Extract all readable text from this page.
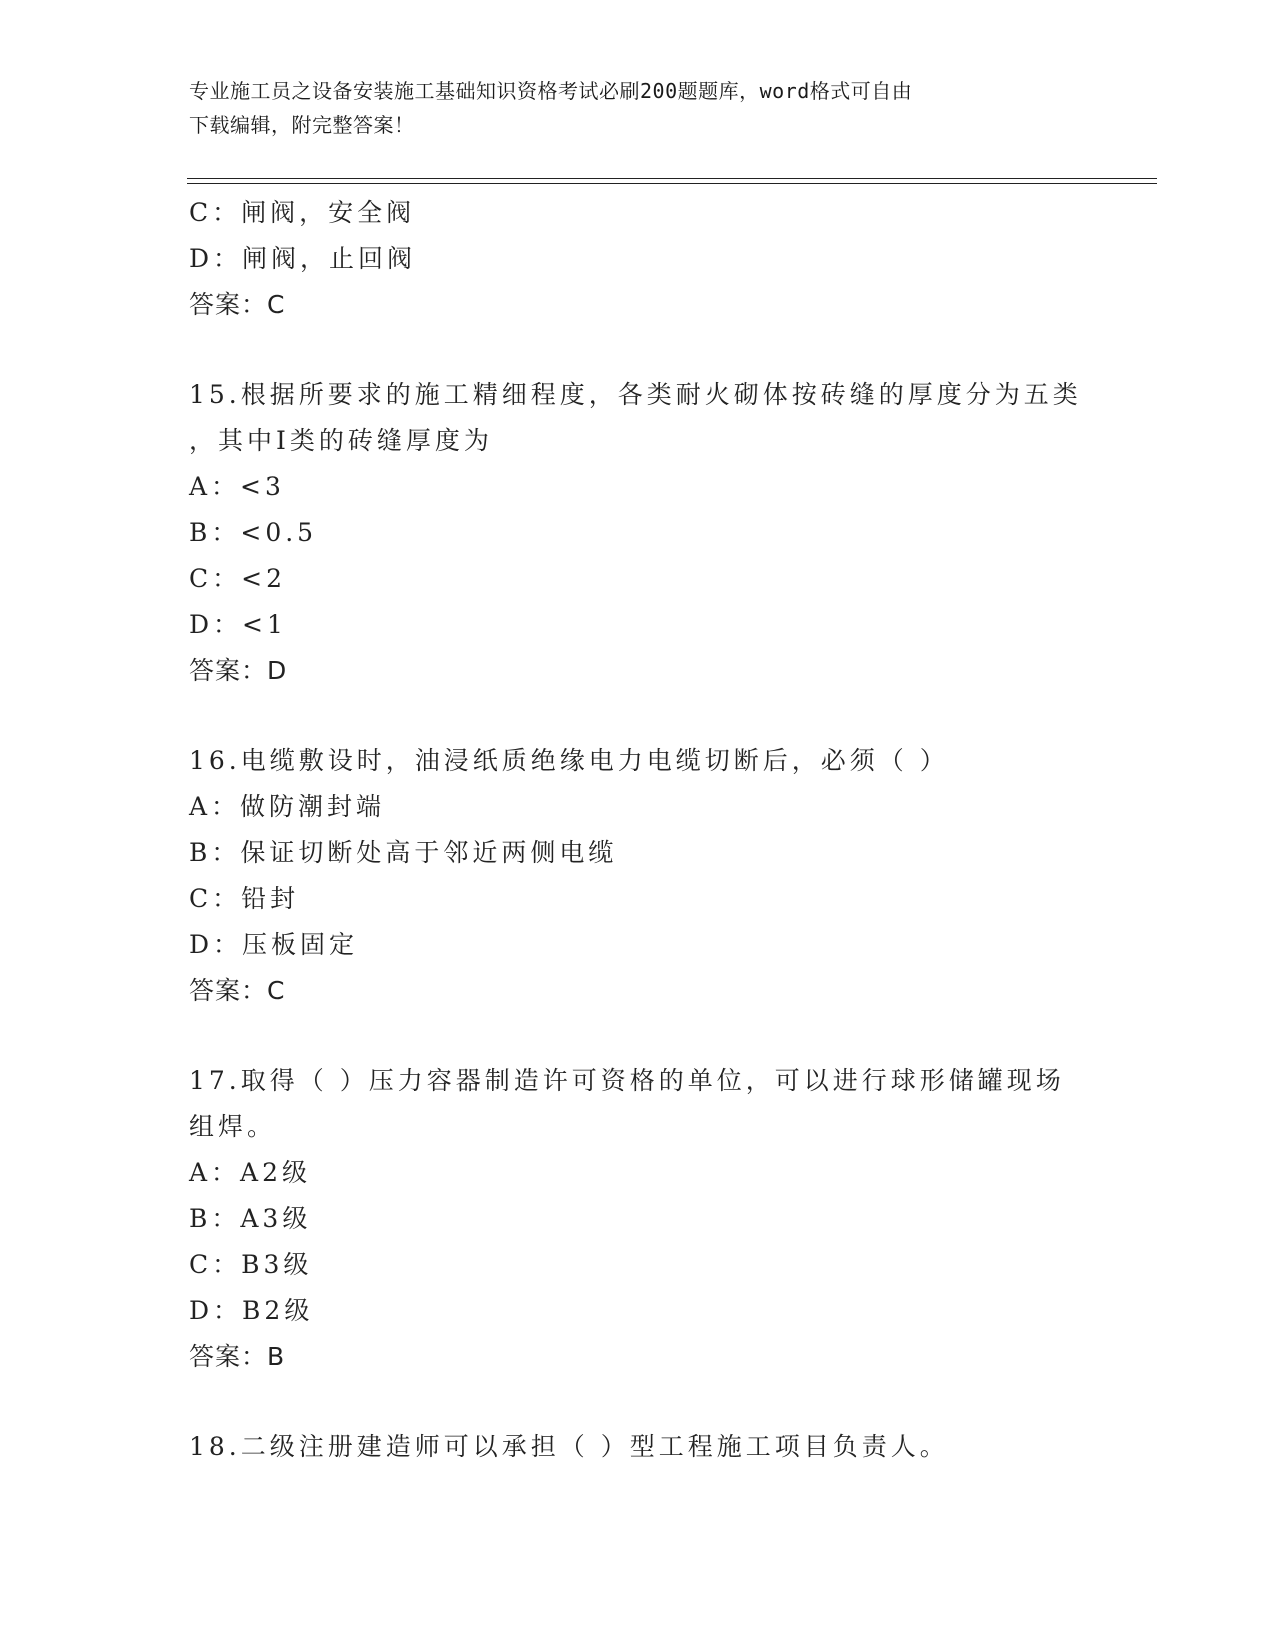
专业施工员之设备安装施工基础知识资格考试必刷200题题库，word格式可自由
下载编辑，附完整答案！
C：闸阀，安全阀
D：闸阀，止回阀
答案：C
15.根据所要求的施工精细程度，各类耐火砌体按砖缝的厚度分为五类
，其中Ⅰ类的砖缝厚度为
A：<3
B：<0.5
C：<2
D：<1
答案：D
16.电缆敷设时，油浸纸质绝缘电力电缆切断后，必须（ ）
A：做防潮封端
B：保证切断处高于邻近两侧电缆
C：铅封
D：压板固定
答案：C
17.取得（ ）压力容器制造许可资格的单位，可以进行球形储罐现场
组焊。
A：A2级
B：A3级
C：B3级
D：B2级
答案：B
18.二级注册建造师可以承担（ ）型工程施工项目负责人。
